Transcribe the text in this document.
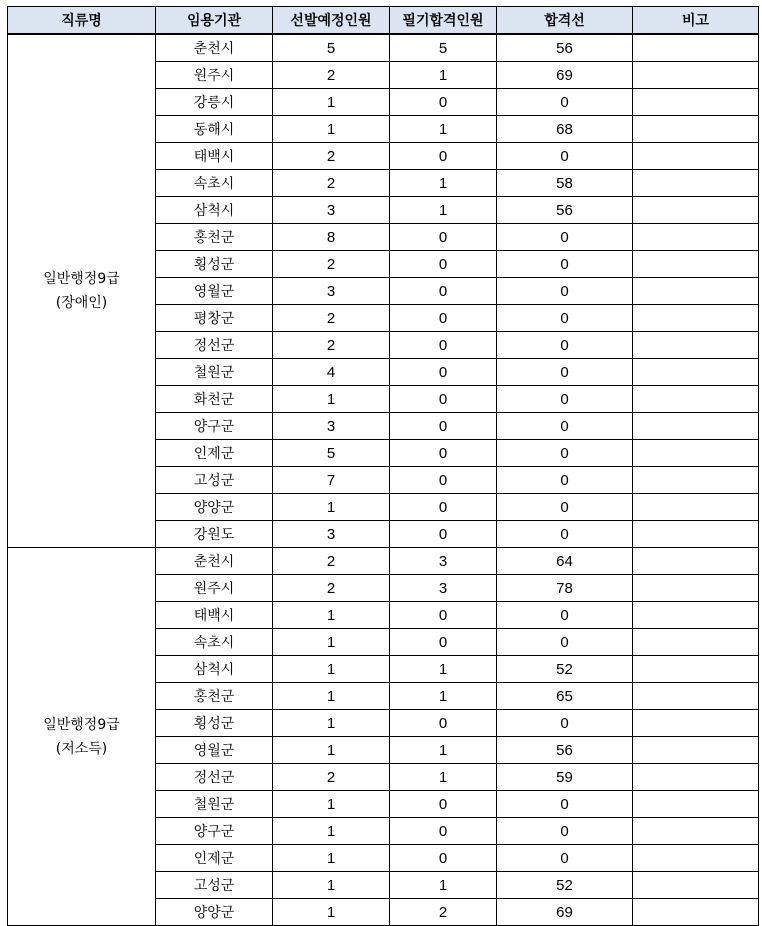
직류명	임용기관	선발예정인원	필기합격인원	합격선	비고

일반행정9급
(장애인)	춘천시	5	5	56	
	원주시	2	1	69	
	강릉시	1	0	0	
	동해시	1	1	68	
	태백시	2	0	0	
	속초시	2	1	58	
	삼척시	3	1	56	
	홍천군	8	0	0	
	횡성군	2	0	0	
	영월군	3	0	0	
	평창군	2	0	0	
	정선군	2	0	0	
	철원군	4	0	0	
	화천군	1	0	0	
	양구군	3	0	0	
	인제군	5	0	0	
	고성군	7	0	0	
	양양군	1	0	0	
	강원도	3	0	0	

일반행정9급
(저소득)	춘천시	2	3	64	
	원주시	2	3	78	
	태백시	1	0	0	
	속초시	1	0	0	
	삼척시	1	1	52	
	홍천군	1	1	65	
	횡성군	1	0	0	
	영월군	1	1	56	
	정선군	2	1	59	
	철원군	1	0	0	
	양구군	1	0	0	
	인제군	1	0	0	
	고성군	1	1	52	
	양양군	1	2	69	
